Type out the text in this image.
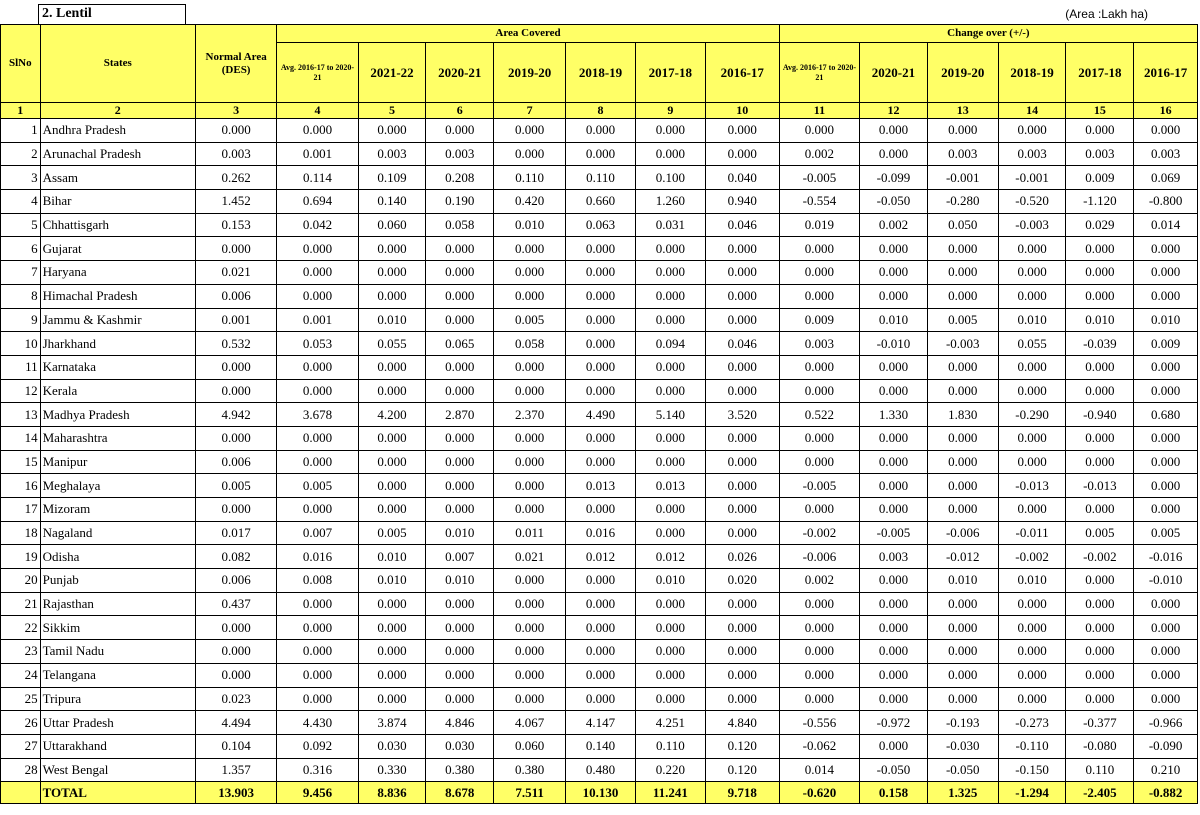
2. Lentil	(Area :Lakh ha)
SlNo	States	Normal Area (DES)	Area Covered							Change over (+/-)					
			Avg. 2016-17 to 2020-21	2021-22	2020-21	2019-20	2018-19	2017-18	2016-17	Avg. 2016-17 to 2020-21	2020-21	2019-20	2018-19	2017-18	2016-17
1	2	3	4	5	6	7	8	9	10	11	12	13	14	15	16
1	Andhra Pradesh	0.000	0.000	0.000	0.000	0.000	0.000	0.000	0.000	0.000	0.000	0.000	0.000	0.000	0.000
2	Arunachal Pradesh	0.003	0.001	0.003	0.003	0.000	0.000	0.000	0.000	0.002	0.000	0.003	0.003	0.003	0.003
3	Assam	0.262	0.114	0.109	0.208	0.110	0.110	0.100	0.040	-0.005	-0.099	-0.001	-0.001	0.009	0.069
4	Bihar	1.452	0.694	0.140	0.190	0.420	0.660	1.260	0.940	-0.554	-0.050	-0.280	-0.520	-1.120	-0.800
5	Chhattisgarh	0.153	0.042	0.060	0.058	0.010	0.063	0.031	0.046	0.019	0.002	0.050	-0.003	0.029	0.014
6	Gujarat	0.000	0.000	0.000	0.000	0.000	0.000	0.000	0.000	0.000	0.000	0.000	0.000	0.000	0.000
7	Haryana	0.021	0.000	0.000	0.000	0.000	0.000	0.000	0.000	0.000	0.000	0.000	0.000	0.000	0.000
8	Himachal Pradesh	0.006	0.000	0.000	0.000	0.000	0.000	0.000	0.000	0.000	0.000	0.000	0.000	0.000	0.000
9	Jammu & Kashmir	0.001	0.001	0.010	0.000	0.005	0.000	0.000	0.000	0.009	0.010	0.005	0.010	0.010	0.010
10	Jharkhand	0.532	0.053	0.055	0.065	0.058	0.000	0.094	0.046	0.003	-0.010	-0.003	0.055	-0.039	0.009
11	Karnataka	0.000	0.000	0.000	0.000	0.000	0.000	0.000	0.000	0.000	0.000	0.000	0.000	0.000	0.000
12	Kerala	0.000	0.000	0.000	0.000	0.000	0.000	0.000	0.000	0.000	0.000	0.000	0.000	0.000	0.000
13	Madhya Pradesh	4.942	3.678	4.200	2.870	2.370	4.490	5.140	3.520	0.522	1.330	1.830	-0.290	-0.940	0.680
14	Maharashtra	0.000	0.000	0.000	0.000	0.000	0.000	0.000	0.000	0.000	0.000	0.000	0.000	0.000	0.000
15	Manipur	0.006	0.000	0.000	0.000	0.000	0.000	0.000	0.000	0.000	0.000	0.000	0.000	0.000	0.000
16	Meghalaya	0.005	0.005	0.000	0.000	0.000	0.013	0.013	0.000	-0.005	0.000	0.000	-0.013	-0.013	0.000
17	Mizoram	0.000	0.000	0.000	0.000	0.000	0.000	0.000	0.000	0.000	0.000	0.000	0.000	0.000	0.000
18	Nagaland	0.017	0.007	0.005	0.010	0.011	0.016	0.000	0.000	-0.002	-0.005	-0.006	-0.011	0.005	0.005
19	Odisha	0.082	0.016	0.010	0.007	0.021	0.012	0.012	0.026	-0.006	0.003	-0.012	-0.002	-0.002	-0.016
20	Punjab	0.006	0.008	0.010	0.010	0.000	0.000	0.010	0.020	0.002	0.000	0.010	0.010	0.000	-0.010
21	Rajasthan	0.437	0.000	0.000	0.000	0.000	0.000	0.000	0.000	0.000	0.000	0.000	0.000	0.000	0.000
22	Sikkim	0.000	0.000	0.000	0.000	0.000	0.000	0.000	0.000	0.000	0.000	0.000	0.000	0.000	0.000
23	Tamil Nadu	0.000	0.000	0.000	0.000	0.000	0.000	0.000	0.000	0.000	0.000	0.000	0.000	0.000	0.000
24	Telangana	0.000	0.000	0.000	0.000	0.000	0.000	0.000	0.000	0.000	0.000	0.000	0.000	0.000	0.000
25	Tripura	0.023	0.000	0.000	0.000	0.000	0.000	0.000	0.000	0.000	0.000	0.000	0.000	0.000	0.000
26	Uttar Pradesh	4.494	4.430	3.874	4.846	4.067	4.147	4.251	4.840	-0.556	-0.972	-0.193	-0.273	-0.377	-0.966
27	Uttarakhand	0.104	0.092	0.030	0.030	0.060	0.140	0.110	0.120	-0.062	0.000	-0.030	-0.110	-0.080	-0.090
28	West Bengal	1.357	0.316	0.330	0.380	0.380	0.480	0.220	0.120	0.014	-0.050	-0.050	-0.150	0.110	0.210
	TOTAL	13.903	9.456	8.836	8.678	7.511	10.130	11.241	9.718	-0.620	0.158	1.325	-1.294	-2.405	-0.882
